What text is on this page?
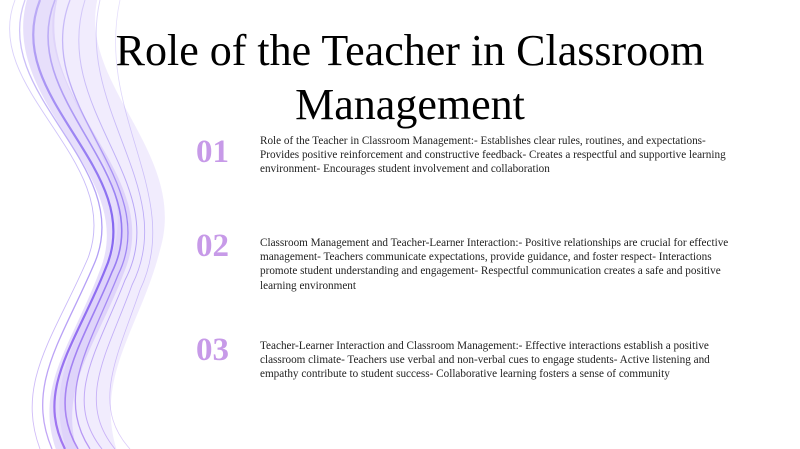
Role of the Teacher in Classroom Management
01	Role of the Teacher in Classroom Management:- Establishes clear rules, routines, and expectations- Provides positive reinforcement and constructive feedback- Creates a respectful and supportive learning environment- Encourages student involvement and collaboration
02	Classroom Management and Teacher-Learner Interaction:- Positive relationships are crucial for effective management- Teachers communicate expectations, provide guidance, and foster respect- Interactions promote student understanding and engagement- Respectful communication creates a safe and positive learning environment
03	Teacher-Learner Interaction and Classroom Management:- Effective interactions establish a positive classroom climate- Teachers use verbal and non-verbal cues to engage students- Active listening and empathy contribute to student success- Collaborative learning fosters a sense of community
